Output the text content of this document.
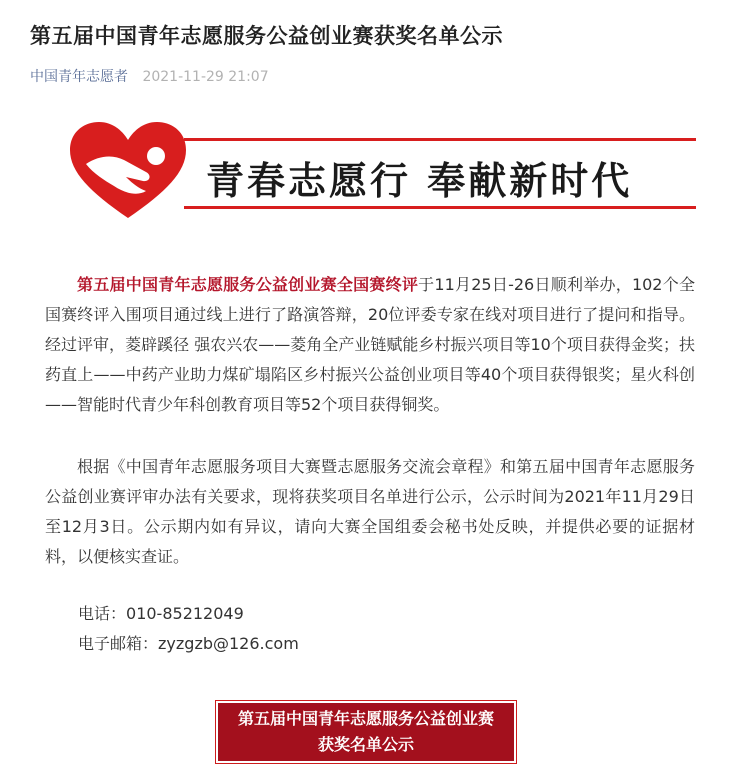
第五届中国青年志愿服务公益创业赛获奖名单公示
中国青年志愿者 2021-11-29 21:07
青春志愿行 奉献新时代
第五届中国青年志愿服务公益创业赛全国赛终评于11月25日-26日顺利举办，102个全国赛终评入围项目通过线上进行了路演答辩，20位评委专家在线对项目进行了提问和指导。经过评审，菱辟蹊径 强农兴农——菱角全产业链赋能乡村振兴项目等10个项目获得金奖；扶药直上——中药产业助力煤矿塌陷区乡村振兴公益创业项目等40个项目获得银奖；星火科创——智能时代青少年科创教育项目等52个项目获得铜奖。
根据《中国青年志愿服务项目大赛暨志愿服务交流会章程》和第五届中国青年志愿服务公益创业赛评审办法有关要求，现将获奖项目名单进行公示，公示时间为2021年11月29日至12月3日。公示期内如有异议，请向大赛全国组委会秘书处反映，并提供必要的证据材料，以便核实查证。
电话：010-85212049
电子邮箱：zyzgzb@126.com
第五届中国青年志愿服务公益创业赛
获奖名单公示
